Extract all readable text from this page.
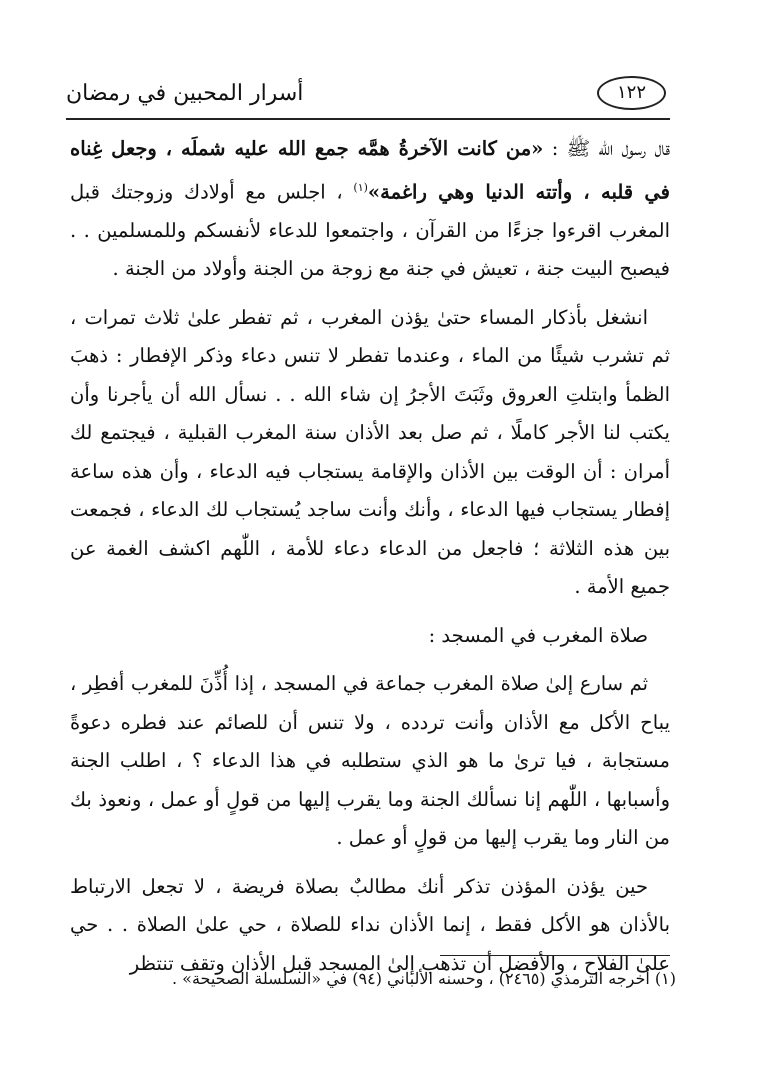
١٢٢
أسرار المحبين في رمضان

قال رسول الله ﷺ : «من كانت الآخرةُ همَّه جمع الله عليه شملَه ، وجعل غِناه في قلبه ، وأتته الدنيا وهي راغمة»$^{(١)}$ ، اجلس مع أولادك وزوجتك قبل المغرب اقرءوا جزءًا من القرآن ، واجتمعوا للدعاء لأنفسكم وللمسلمين . . فيصبح البيت جنة ، تعيش في جنة مع زوجة من الجنة وأولاد من الجنة .

انشغل بأذكار المساء حتىٰ يؤذن المغرب ، ثم تفطر علىٰ ثلاث تمرات ، ثم تشرب شيئًا من الماء ، وعندما تفطر لا تنس دعاء وذكر الإفطار : ذهبَ الظمأ وابتلتِ العروق وثَبَتَ الأجرُ إن شاء الله . . نسأل الله أن يأجرنا وأن يكتب لنا الأجر كاملًا ، ثم صل بعد الأذان سنة المغرب القبلية ، فيجتمع لك أمران : أن الوقت بين الأذان والإقامة يستجاب فيه الدعاء ، وأن هذه ساعة إفطار يستجاب فيها الدعاء ، وأنك وأنت ساجد يُستجاب لك الدعاء ، فجمعت بين هذه الثلاثة ؛ فاجعل من الدعاء دعاء للأمة ، اللّٰهم اكشف الغمة عن جميع الأمة .

صلاة المغرب في المسجد :

ثم سارع إلىٰ صلاة المغرب جماعة في المسجد ، إذا أُذِّنَ للمغرب أفطِر ، يباح الأكل مع الأذان وأنت تردده ، ولا تنس أن للصائم عند فطره دعوةً مستجابة ، فيا ترىٰ ما هو الذي ستطلبه في هذا الدعاء ؟ ، اطلب الجنة وأسبابها ، اللّٰهم إنا نسألك الجنة وما يقرب إليها من قولٍ أو عمل ، ونعوذ بك من النار وما يقرب إليها من قولٍ أو عمل .

حين يؤذن المؤذن تذكر أنك مطالبٌ بصلاة فريضة ، لا تجعل الارتباط بالأذان هو الأكل فقط ، إنما الأذان نداء للصلاة ، حي علىٰ الصلاة . . حي علىٰ الفلاح ، والأفضل أن تذهب إلىٰ المسجد قبل الأذان وتقف تنتظر

(١) أخرجه الترمذي (٢٤٦٥) ، وحسنه الألباني (٩٤) في «السلسلة الصحيحة» .
